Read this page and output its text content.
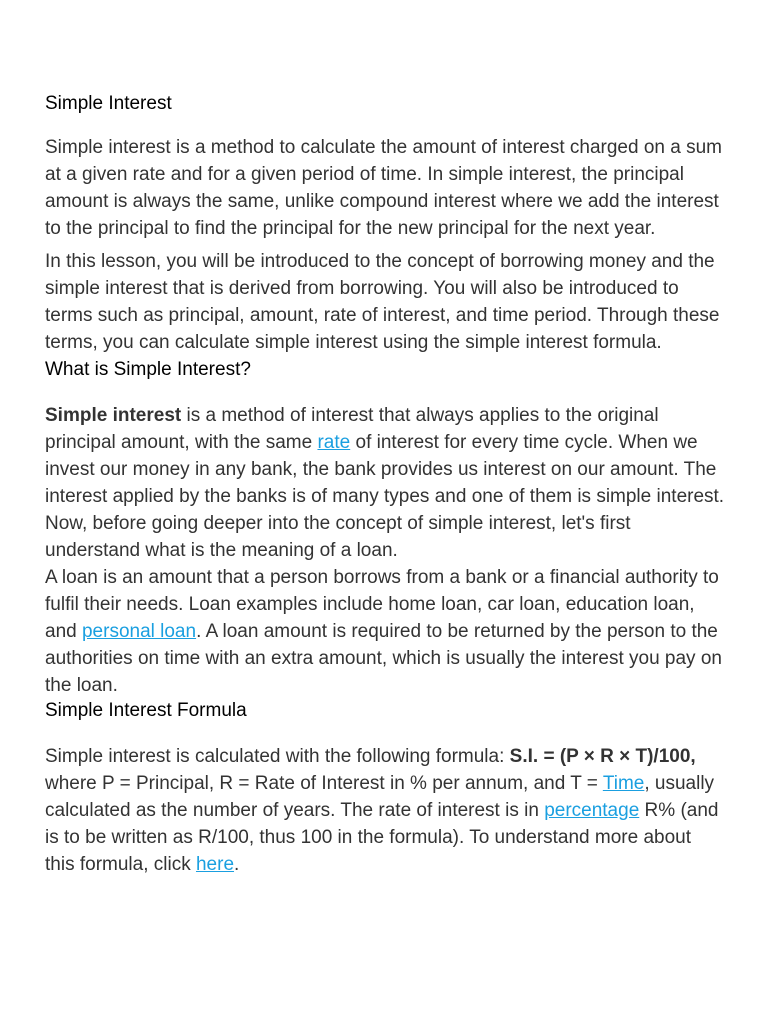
Simple Interest

Simple interest is a method to calculate the amount of interest charged on a sum at a given rate and for a given period of time. In simple interest, the principal amount is always the same, unlike compound interest where we add the interest to the principal to find the principal for the new principal for the next year.

In this lesson, you will be introduced to the concept of borrowing money and the simple interest that is derived from borrowing. You will also be introduced to terms such as principal, amount, rate of interest, and time period. Through these terms, you can calculate simple interest using the simple interest formula.

What is Simple Interest?

Simple interest is a method of interest that always applies to the original principal amount, with the same rate of interest for every time cycle. When we invest our money in any bank, the bank provides us interest on our amount. The interest applied by the banks is of many types and one of them is simple interest. Now, before going deeper into the concept of simple interest, let's first understand what is the meaning of a loan.

A loan is an amount that a person borrows from a bank or a financial authority to fulfil their needs. Loan examples include home loan, car loan, education loan, and personal loan. A loan amount is required to be returned by the person to the authorities on time with an extra amount, which is usually the interest you pay on the loan.

Simple Interest Formula

Simple interest is calculated with the following formula: S.I. = (P × R × T)/100, where P = Principal, R = Rate of Interest in % per annum, and T = Time, usually calculated as the number of years. The rate of interest is in percentage R% (and is to be written as R/100, thus 100 in the formula). To understand more about this formula, click here.
